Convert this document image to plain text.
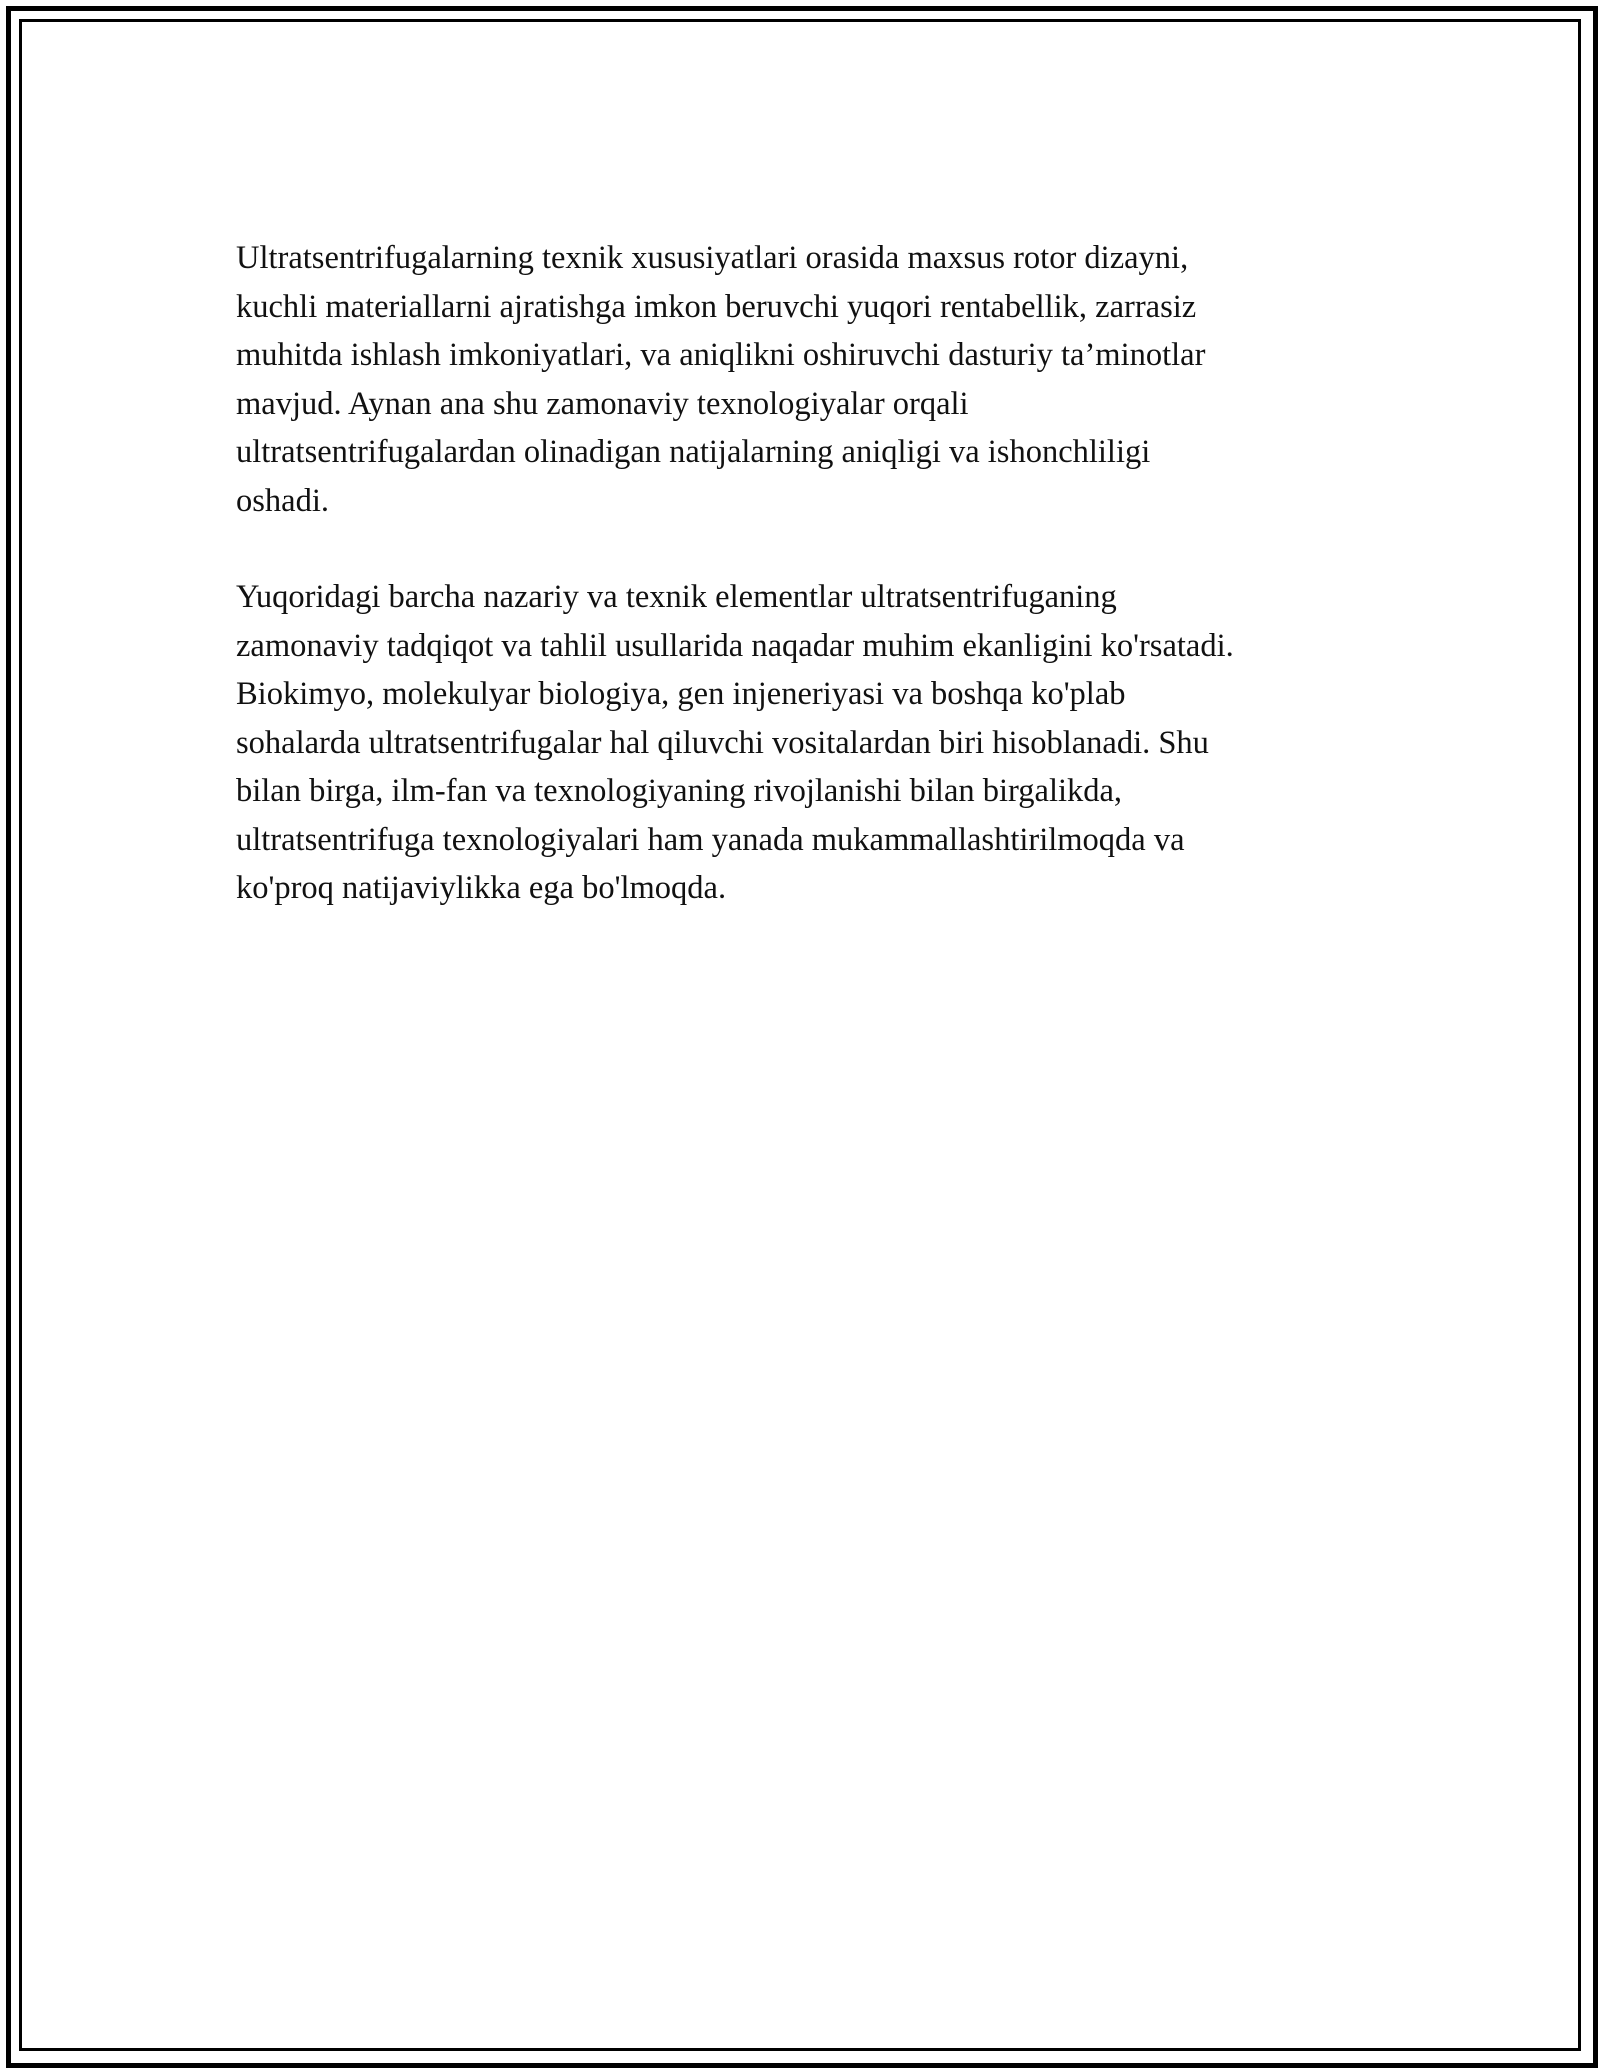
Ultratsentrifugalarning texnik xususiyatlari orasida maxsus rotor dizayni,
kuchli materiallarni ajratishga imkon beruvchi yuqori rentabellik, zarrasiz
muhitda ishlash imkoniyatlari, va aniqlikni oshiruvchi dasturiy ta’minotlar
mavjud. Aynan ana shu zamonaviy texnologiyalar orqali
ultratsentrifugalardan olinadigan natijalarning aniqligi va ishonchliligi
oshadi.

Yuqoridagi barcha nazariy va texnik elementlar ultratsentrifuganing
zamonaviy tadqiqot va tahlil usullarida naqadar muhim ekanligini ko'rsatadi.
Biokimyo, molekulyar biologiya, gen injeneriyasi va boshqa ko'plab
sohalarda ultratsentrifugalar hal qiluvchi vositalardan biri hisoblanadi. Shu
bilan birga, ilm-fan va texnologiyaning rivojlanishi bilan birgalikda,
ultratsentrifuga texnologiyalari ham yanada mukammallashtirilmoqda va
ko'proq natijaviylikka ega bo'lmoqda.
